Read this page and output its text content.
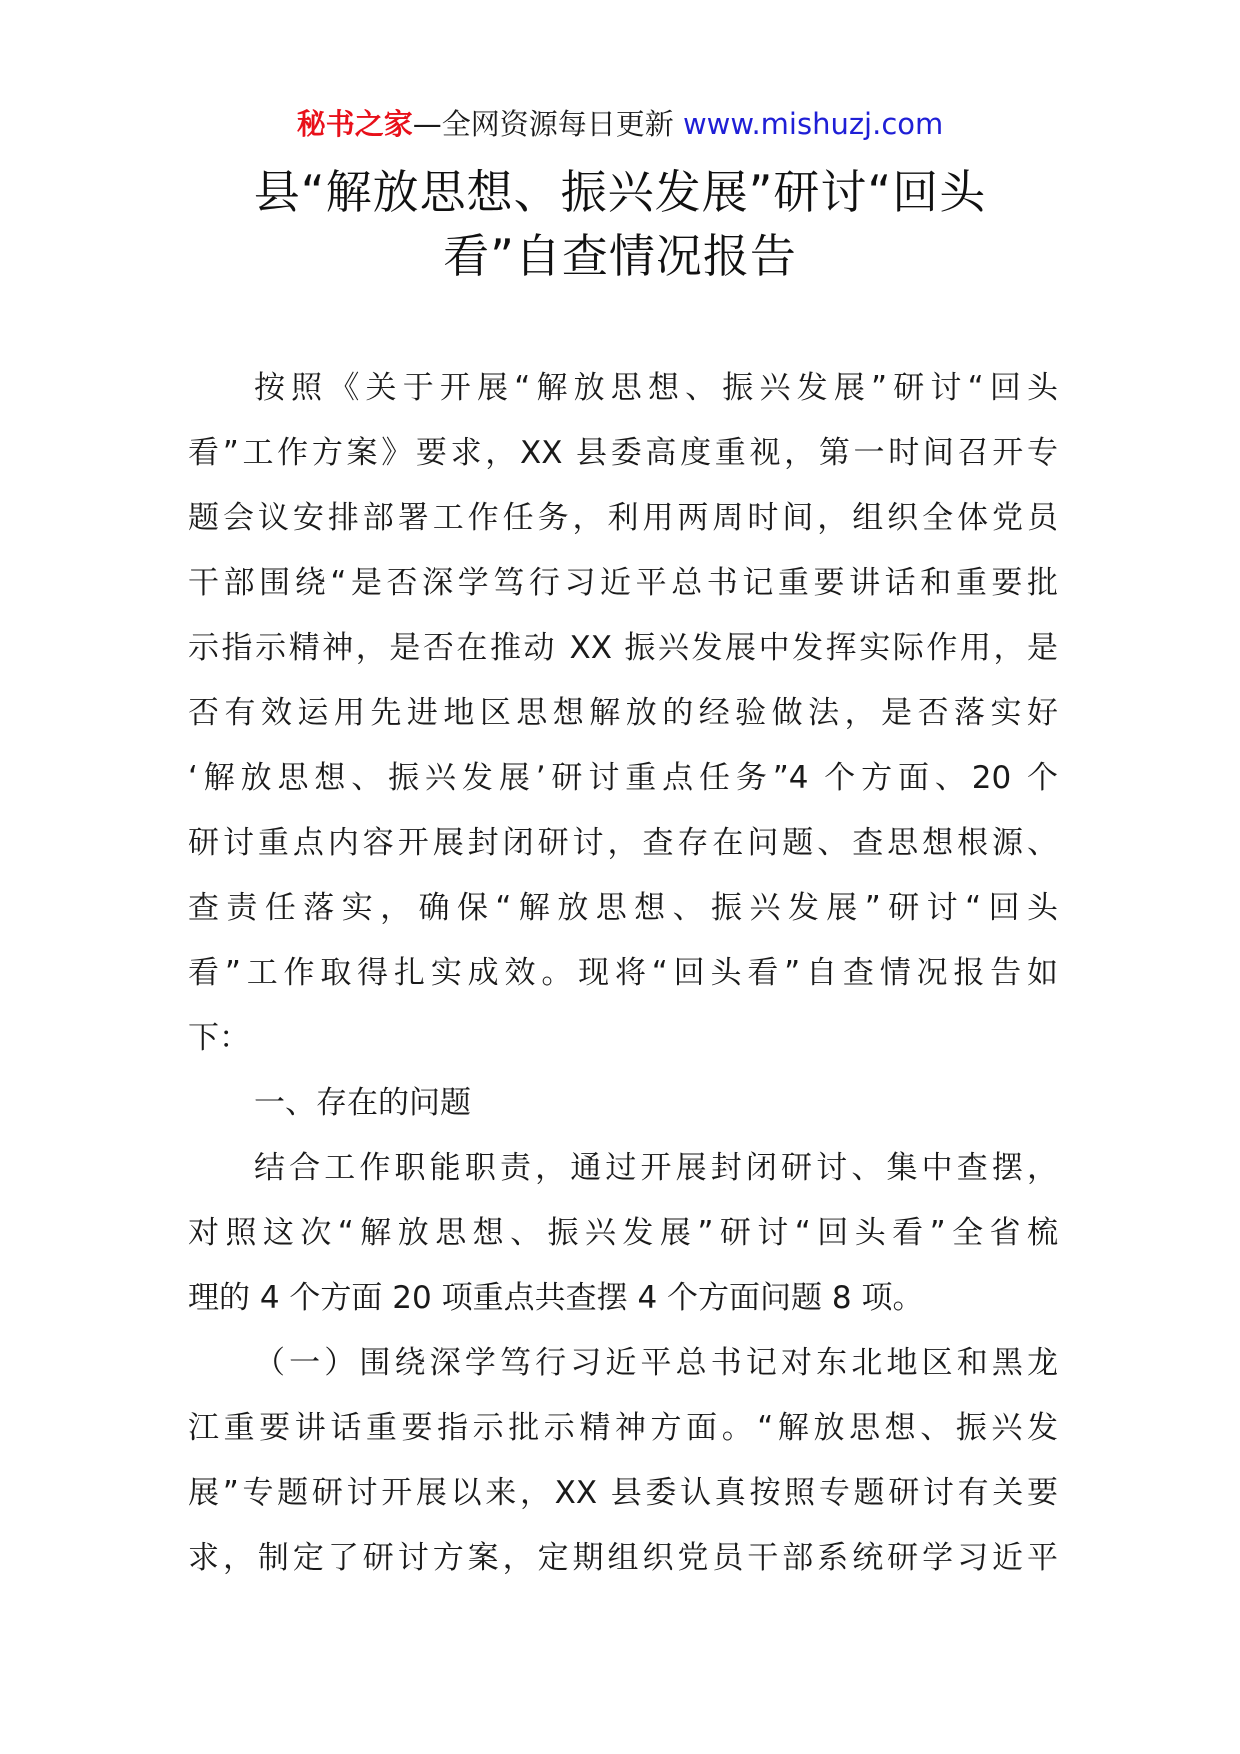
秘书之家—全网资源每日更新 www.mishuzj.com
县“解放思想、振兴发展”研讨“回头
看”自查情况报告
按照《关于开展“解放思想、振兴发展”研讨“回头
看”工作方案》要求，XX 县委高度重视，第一时间召开专
题会议安排部署工作任务，利用两周时间，组织全体党员
干部围绕“是否深学笃行习近平总书记重要讲话和重要批
示指示精神，是否在推动 XX 振兴发展中发挥实际作用，是
否有效运用先进地区思想解放的经验做法，是否落实好
‘解放思想、振兴发展’研讨重点任务”4 个方面、20 个
研讨重点内容开展封闭研讨，查存在问题、查思想根源、
查责任落实，确保“解放思想、振兴发展”研讨“回头
看”工作取得扎实成效。现将“回头看”自查情况报告如
下：
一、存在的问题
结合工作职能职责，通过开展封闭研讨、集中查摆，
对照这次“解放思想、振兴发展”研讨“回头看”全省梳
理的 4 个方面 20 项重点共查摆 4 个方面问题 8 项。
（一）围绕深学笃行习近平总书记对东北地区和黑龙
江重要讲话重要指示批示精神方面。“解放思想、振兴发
展”专题研讨开展以来，XX 县委认真按照专题研讨有关要
求，制定了研讨方案，定期组织党员干部系统研学习近平
